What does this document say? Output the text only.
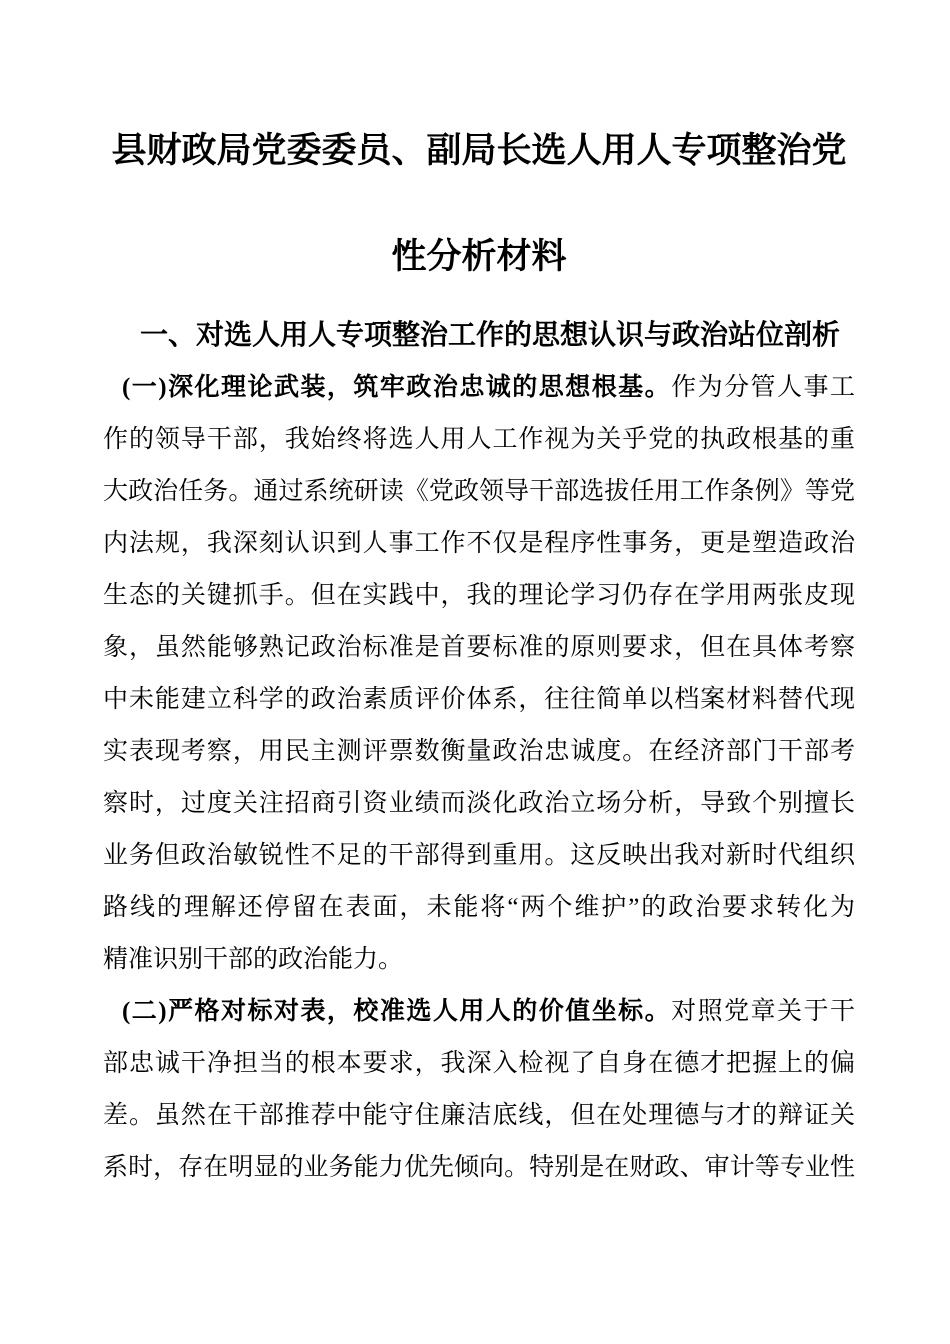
县财政局党委委员、副局长选人用人专项整治党
性分析材料
一、对选人用人专项整治工作的思想认识与政治站位剖析
(一)深化理论武装，筑牢政治忠诚的思想根基。作为分管人事工
作的领导干部，我始终将选人用人工作视为关乎党的执政根基的重
大政治任务。通过系统研读《党政领导干部选拔任用工作条例》等党
内法规，我深刻认识到人事工作不仅是程序性事务，更是塑造政治
生态的关键抓手。但在实践中，我的理论学习仍存在学用两张皮现
象，虽然能够熟记政治标准是首要标准的原则要求，但在具体考察
中未能建立科学的政治素质评价体系，往往简单以档案材料替代现
实表现考察，用民主测评票数衡量政治忠诚度。在经济部门干部考
察时，过度关注招商引资业绩而淡化政治立场分析，导致个别擅长
业务但政治敏锐性不足的干部得到重用。这反映出我对新时代组织
路线的理解还停留在表面，未能将“两个维护”的政治要求转化为
精准识别干部的政治能力。
(二)严格对标对表，校准选人用人的价值坐标。对照党章关于干
部忠诚干净担当的根本要求，我深入检视了自身在德才把握上的偏
差。虽然在干部推荐中能守住廉洁底线，但在处理德与才的辩证关
系时，存在明显的业务能力优先倾向。特别是在财政、审计等专业性
